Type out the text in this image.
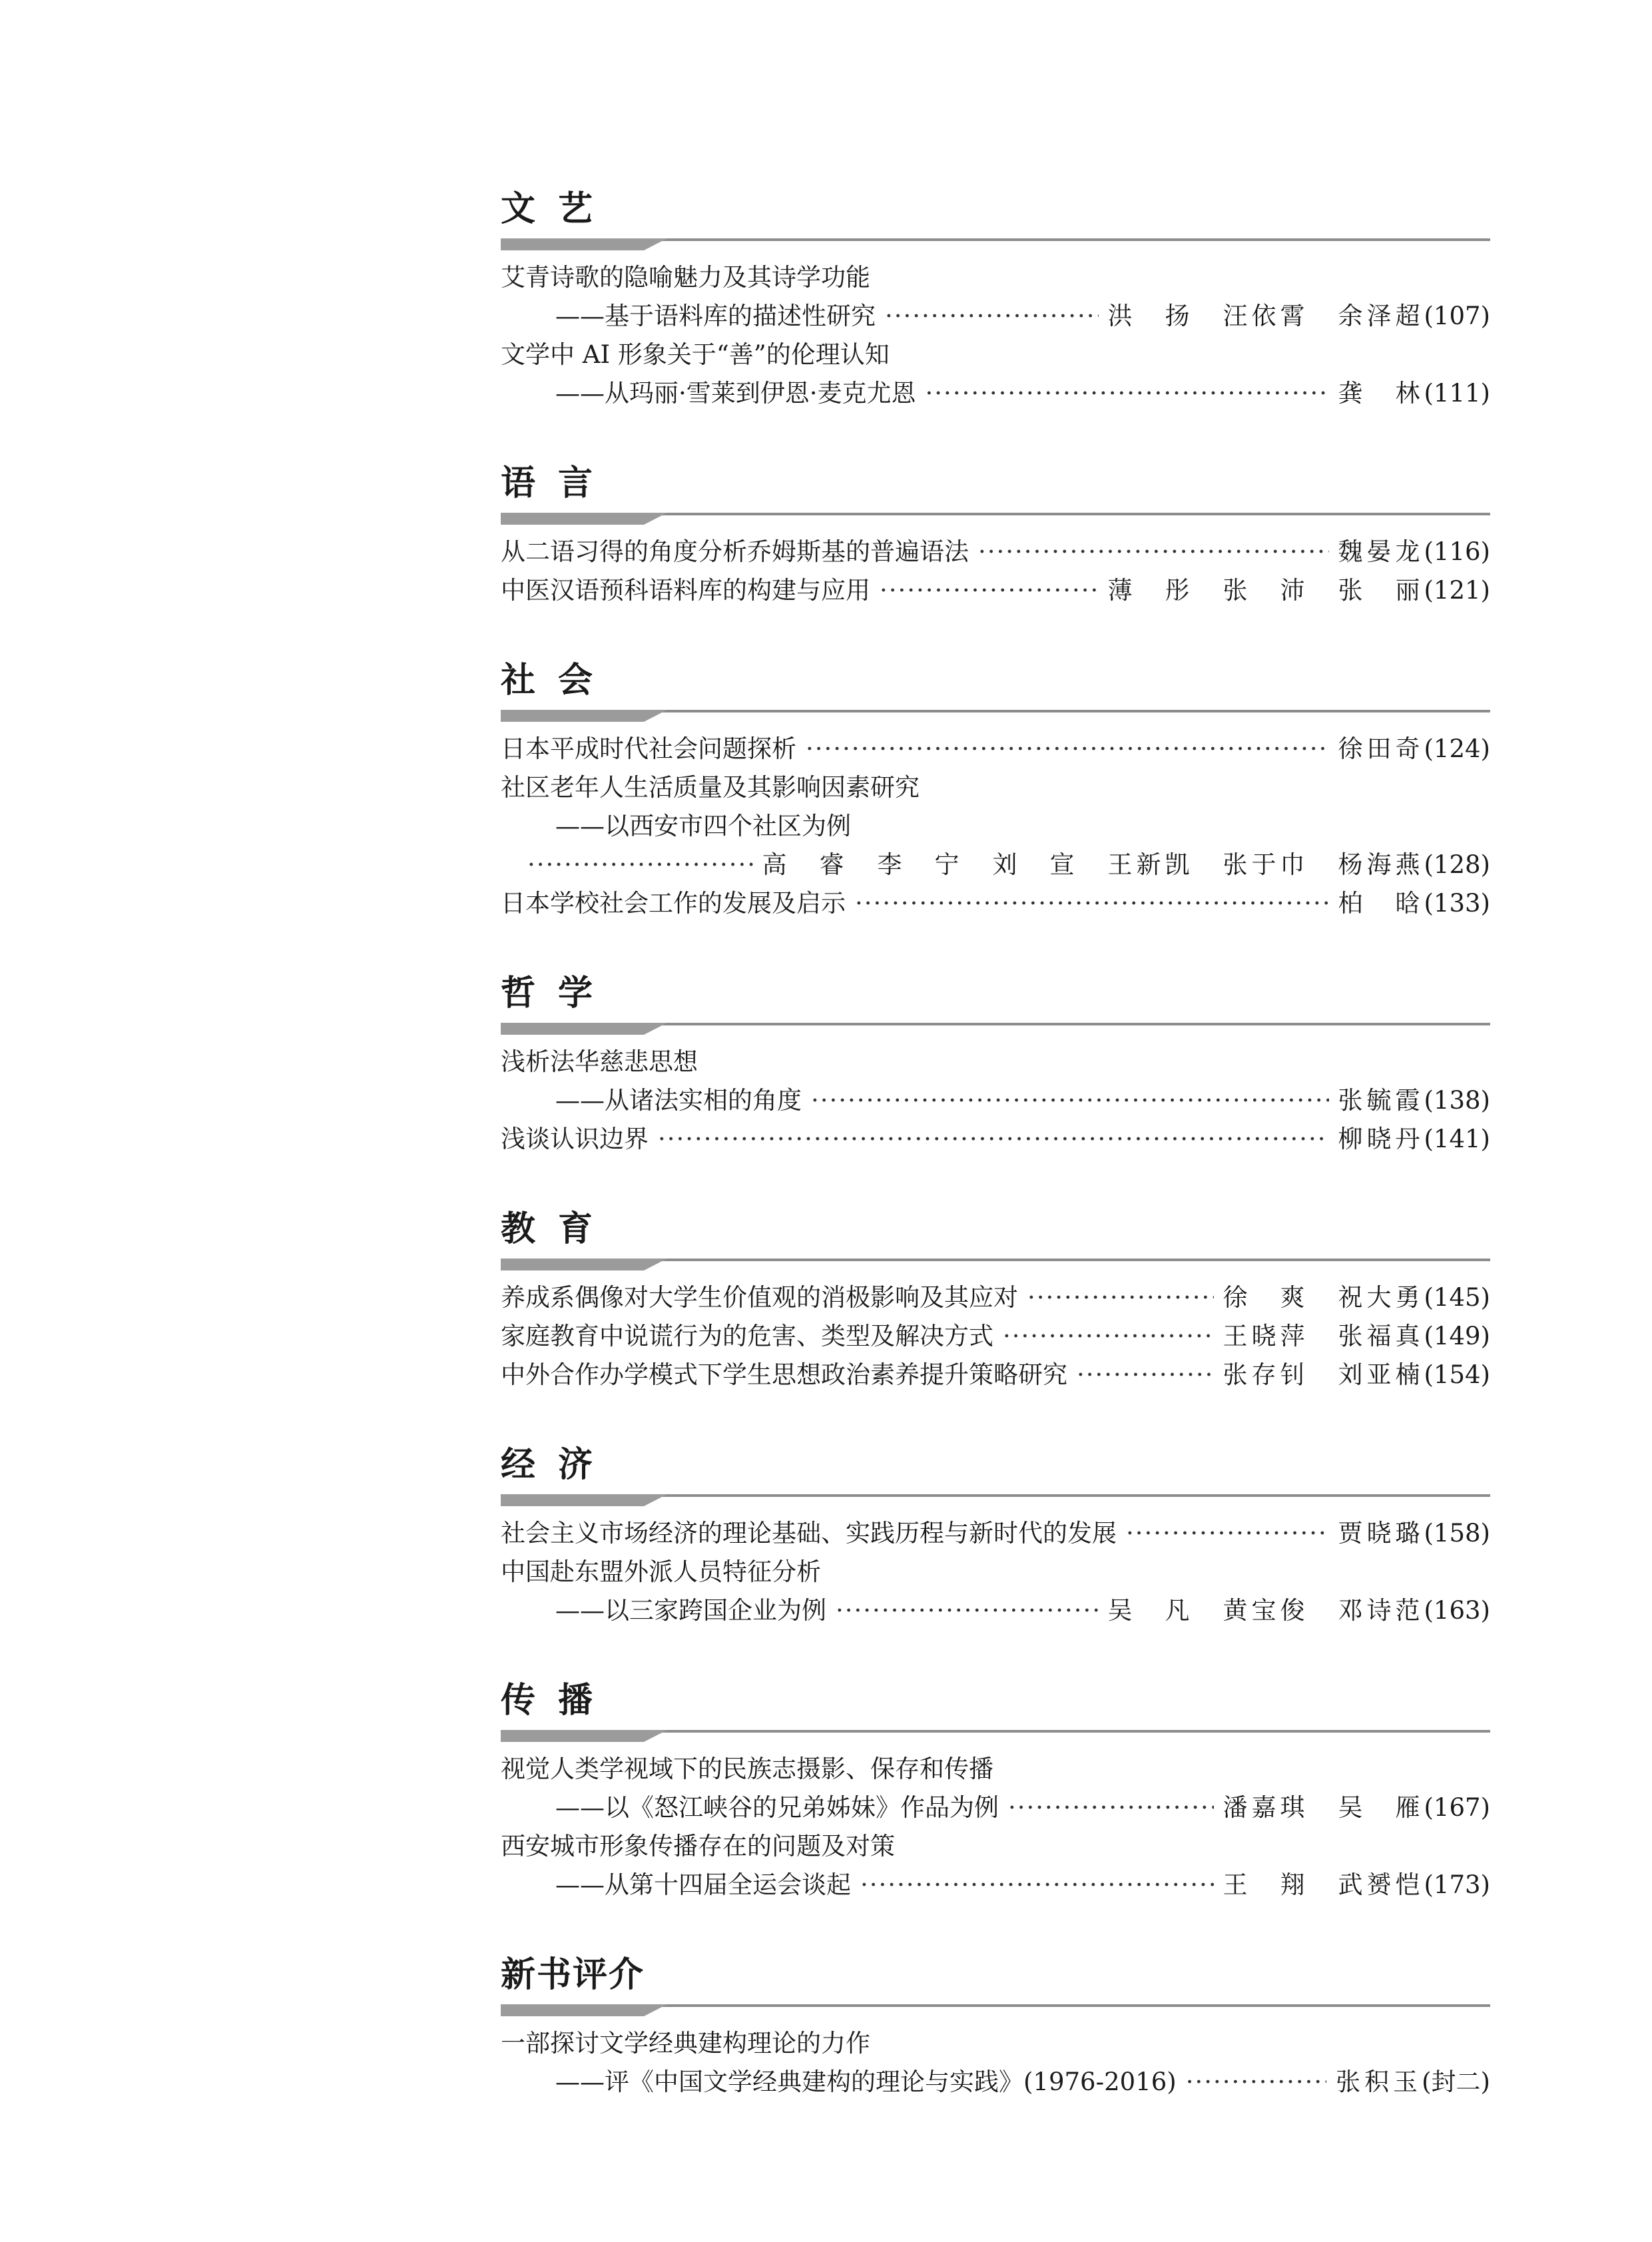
文艺
艾青诗歌的隐喻魅力及其诗学功能
——基于语料库的描述性研究 ·····	洪　扬 汪依霄 余泽超 (107)
文学中 AI 形象关于“善”的伦理认知
——从玛丽·雪莱到伊恩·麦克尤恩 ·····	龚　林 (111)
语言
从二语习得的角度分析乔姆斯基的普遍语法 ·····	魏晏龙 (116)
中医汉语预科语料库的构建与应用 ·····	薄　彤 张　沛 张　丽 (121)
社会
日本平成时代社会问题探析 ·····	徐田奇 (124)
社区老年人生活质量及其影响因素研究
——以西安市四个社区为例
·····
高　睿 李　宁 刘　宣 王新凯 张于巾 杨海燕 (128)
日本学校社会工作的发展及启示 ·····	柏　晗 (133)
哲学
浅析法华慈悲思想
——从诸法实相的角度 ·····	张毓霞 (138)
浅谈认识边界 ·····	柳晓丹 (141)
教育
养成系偶像对大学生价值观的消极影响及其应对 ·····	徐　爽 祝大勇 (145)
家庭教育中说谎行为的危害、类型及解决方式 ·····	王晓萍 张福真 (149)
中外合作办学模式下学生思想政治素养提升策略研究 ·····	张存钊 刘亚楠 (154)
经济
社会主义市场经济的理论基础、实践历程与新时代的发展 ·····	贾晓璐 (158)
中国赴东盟外派人员特征分析
——以三家跨国企业为例 ·····	吴　凡 黄宝俊 邓诗范 (163)
传播
视觉人类学视域下的民族志摄影、保存和传播
——以《怒江峡谷的兄弟姊妹》作品为例 ·····	潘嘉琪 吴　雁 (167)
西安城市形象传播存在的问题及对策
——从第十四届全运会谈起 ·····	王　翔 武赟恺 (173)
新书评介
一部探讨文学经典建构理论的力作
——评《中国文学经典建构的理论与实践》(1976-2016) ·····	张积玉 (封二)
